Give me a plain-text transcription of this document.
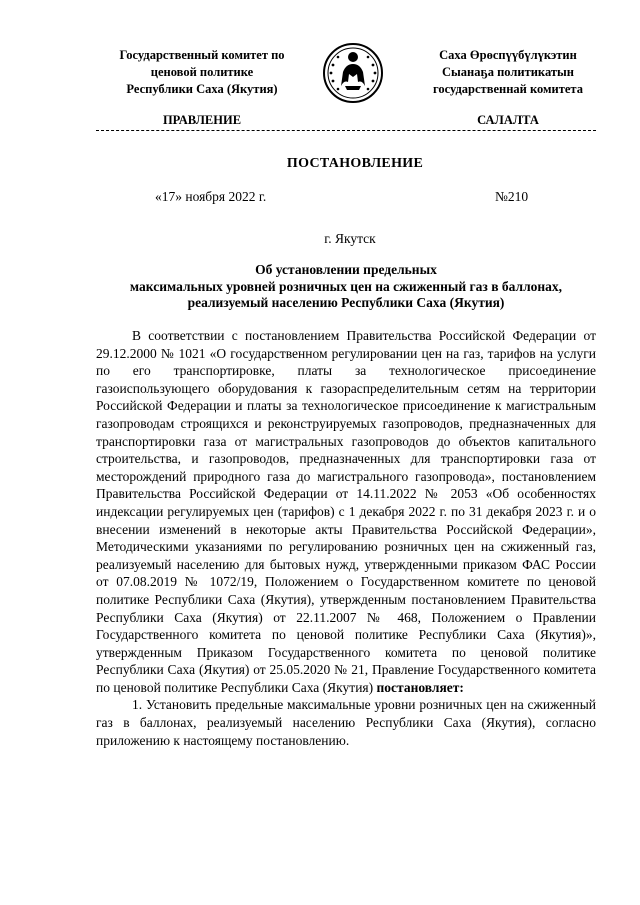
Государственный комитет по
ценовой политике
Республики Саха (Якутия)
Саха Өрөспүүбүлүкэтин
Сыанаҕа политикатын
государственнай комитета
ПРАВЛЕНИЕ	САЛАЛТА
ПОСТАНОВЛЕНИЕ
«17» ноября 2022 г.	№210
г. Якутск
Об установлении предельных
максимальных уровней розничных цен на сжиженный газ в баллонах,
реализуемый населению Республики Саха (Якутия)

В соответствии с постановлением Правительства Российской Федерации от 29.12.2000 № 1021 «О государственном регулировании цен на газ, тарифов на услуги по его транспортировке, платы за технологическое присоединение газоиспользующего оборудования к газораспределительным сетям на территории Российской Федерации и платы за технологическое присоединение к магистральным газопроводам строящихся и реконструируемых газопроводов, предназначенных для транспортировки газа от магистральных газопроводов до объектов капитального строительства, и газопроводов, предназначенных для транспортировки газа от месторождений природного газа до магистрального газопровода», постановлением Правительства Российской Федерации от 14.11.2022 № 2053 «Об особенностях индексации регулируемых цен (тарифов) с 1 декабря 2022 г. по 31 декабря 2023 г. и о внесении изменений в некоторые акты Правительства Российской Федерации», Методическими указаниями по регулированию розничных цен на сжиженный газ, реализуемый населению для бытовых нужд, утвержденными приказом ФАС России от 07.08.2019 № 1072/19, Положением о Государственном комитете по ценовой политике Республики Саха (Якутия), утвержденным постановлением Правительства Республики Саха (Якутия) от 22.11.2007 № 468, Положением о Правлении Государственного комитета по ценовой политике Республики Саха (Якутия)», утвержденным Приказом Государственного комитета по ценовой политике Республики Саха (Якутия) от 25.05.2020 № 21, Правление Государственного комитета по ценовой политике Республики Саха (Якутия) постановляет:

1. Установить предельные максимальные уровни розничных цен на сжиженный газ в баллонах, реализуемый населению Республики Саха (Якутия), согласно приложению к настоящему постановлению.
